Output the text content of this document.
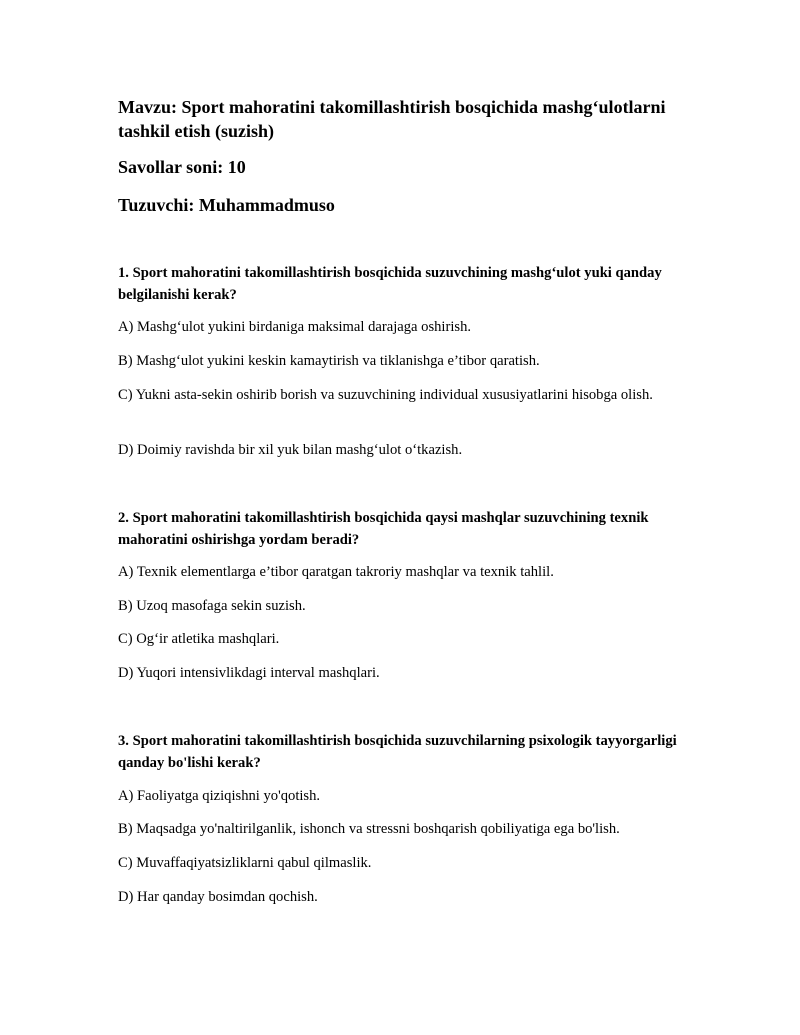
Mavzu: Sport mahoratini takomillashtirish bosqichida mashg‘ulotlarni tashkil etish (suzish)

Savollar soni: 10

Tuzuvchi: Muhammadmuso

1. Sport mahoratini takomillashtirish bosqichida suzuvchining mashg‘ulot yuki qanday belgilanishi kerak?

A) Mashg‘ulot yukini birdaniga maksimal darajaga oshirish.

B) Mashg‘ulot yukini keskin kamaytirish va tiklanishga e’tibor qaratish.

C) Yukni asta-sekin oshirib borish va suzuvchining individual xususiyatlarini hisobga olish.

D) Doimiy ravishda bir xil yuk bilan mashg‘ulot o‘tkazish.

2. Sport mahoratini takomillashtirish bosqichida qaysi mashqlar suzuvchining texnik mahoratini oshirishga yordam beradi?

A) Texnik elementlarga e’tibor qaratgan takroriy mashqlar va texnik tahlil.

B) Uzoq masofaga sekin suzish.

C) Og‘ir atletika mashqlari.

D) Yuqori intensivlikdagi interval mashqlari.

3. Sport mahoratini takomillashtirish bosqichida suzuvchilarning psixologik tayyorgarligi qanday bo'lishi kerak?

A) Faoliyatga qiziqishni yo'qotish.

B) Maqsadga yo'naltirilganlik, ishonch va stressni boshqarish qobiliyatiga ega bo'lish.

C) Muvaffaqiyatsizliklarni qabul qilmaslik.

D) Har qanday bosimdan qochish.
